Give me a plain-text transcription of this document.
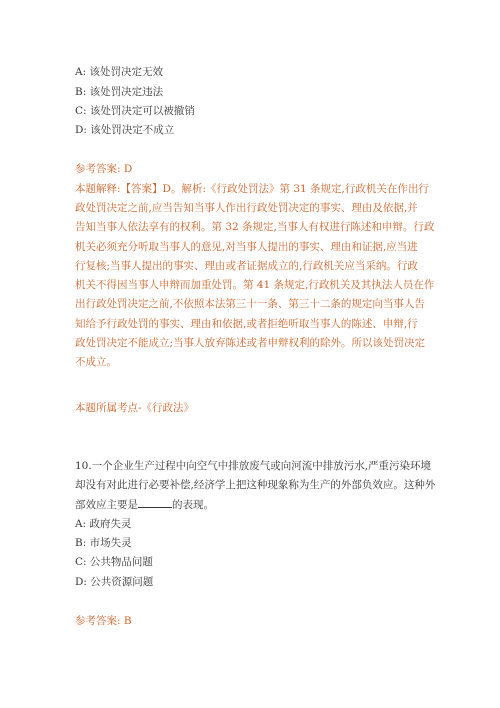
A: 该处罚决定无效
B: 该处罚决定违法
C: 该处罚决定可以被撤销
D: 该处罚决定不成立
参考答案: D
本题解释:【答案】D。解析:《行政处罚法》第 31 条规定,行政机关在作出行
政处罚决定之前,应当告知当事人作出行政处罚决定的事实、理由及依据,并
告知当事人依法享有的权利。第 32 条规定,当事人有权进行陈述和申辩。行政
机关必须充分听取当事人的意见,对当事人提出的事实、理由和证据,应当进
行复核;当事人提出的事实、理由或者证据成立的,行政机关应当采纳。行政
机关不得因当事人申辩而加重处罚。第 41 条规定,行政机关及其执法人员在作
出行政处罚决定之前,不依照本法第三十一条、第三十二条的规定向当事人告
知给予行政处罚的事实、理由和依据,或者拒绝听取当事人的陈述、申辩,行
政处罚决定不能成立;当事人放弃陈述或者申辩权利的除外。所以该处罚决定
不成立。
本题所属考点-《行政法》
10.一个企业生产过程中向空气中排放废气或向河流中排放污水,严重污染环境
却没有对此进行必要补偿,经济学上把这种现象称为生产的外部负效应。这种外
部效应主要是	的表现。
A: 政府失灵
B: 市场失灵
C: 公共物品问题
D: 公共资源问题
参考答案: B
